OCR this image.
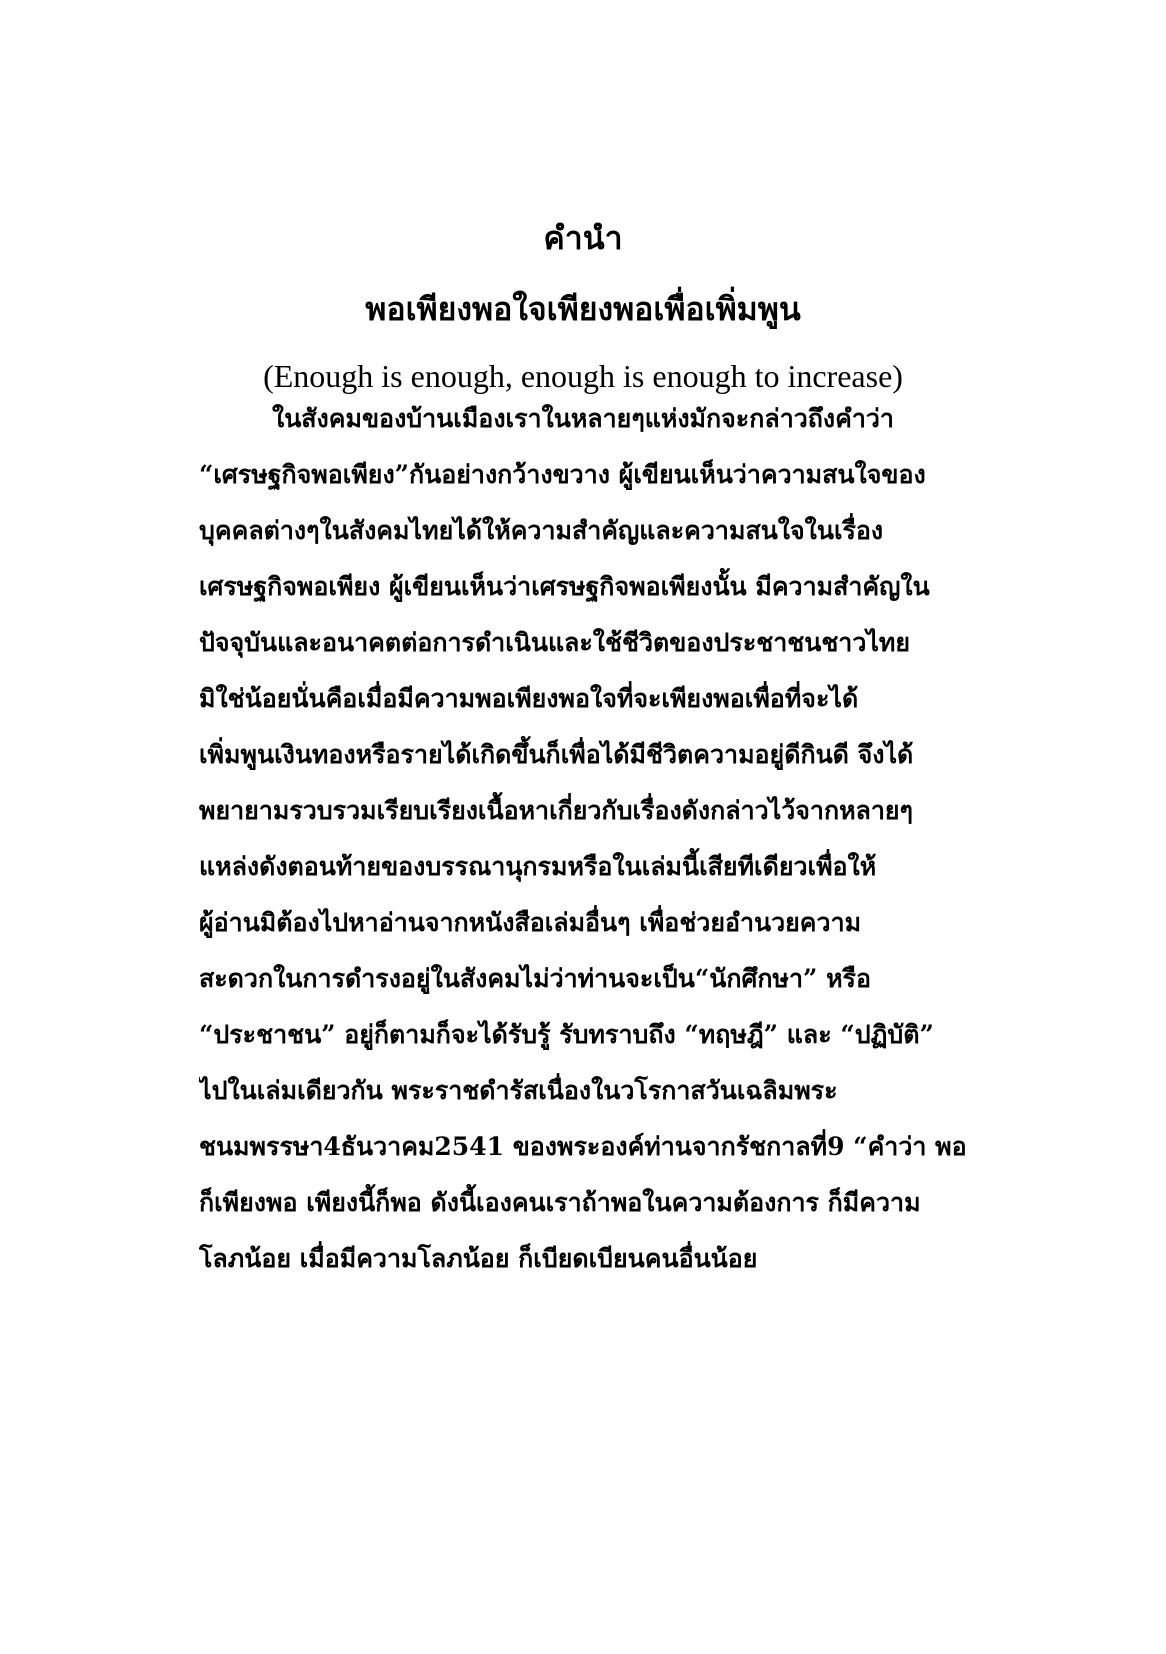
คำนำ
พอเพียงพอใจเพียงพอเพื่อเพิ่มพูน
(Enough is enough, enough is enough to increase)
ในสังคมของบ้านเมืองเราในหลายๆแห่งมักจะกล่าวถึงคำว่า
“เศรษฐกิจพอเพียง”กันอย่างกว้างขวาง ผู้เขียนเห็นว่าความสนใจของ
บุคคลต่างๆในสังคมไทยได้ให้ความสำคัญและความสนใจในเรื่อง
เศรษฐกิจพอเพียง ผู้เขียนเห็นว่าเศรษฐกิจพอเพียงนั้น มีความสำคัญใน
ปัจจุบันและอนาคตต่อการดำเนินและใช้ชีวิตของประชาชนชาวไทย
มิใช่น้อยนั่นคือเมื่อมีความพอเพียงพอใจที่จะเพียงพอเพื่อที่จะได้
เพิ่มพูนเงินทองหรือรายได้เกิดขึ้นก็เพื่อได้มีชีวิตความอยู่ดีกินดี จึงได้
พยายามรวบรวมเรียบเรียงเนื้อหาเกี่ยวกับเรื่องดังกล่าวไว้จากหลายๆ
แหล่งดังตอนท้ายของบรรณานุกรมหรือในเล่มนี้เสียทีเดียวเพื่อให้
ผู้อ่านมิต้องไปหาอ่านจากหนังสือเล่มอื่นๆ เพื่อช่วยอำนวยความ
สะดวกในการดำรงอยู่ในสังคมไม่ว่าท่านจะเป็น“นักศึกษา” หรือ
“ประชาชน” อยู่ก็ตามก็จะได้รับรู้ รับทราบถึง “ทฤษฎี” และ “ปฏิบัติ”
ไปในเล่มเดียวกัน พระราชดำรัสเนื่องในวโรกาสวันเฉลิมพระ
ชนมพรรษา4ธันวาคม2541 ของพระองค์ท่านจากรัชกาลที่9 “คำว่า พอ
ก็เพียงพอ เพียงนี้ก็พอ ดังนี้เองคนเราถ้าพอในความต้องการ ก็มีความ
โลภน้อย เมื่อมีความโลภน้อย ก็เบียดเบียนคนอื่นน้อย
